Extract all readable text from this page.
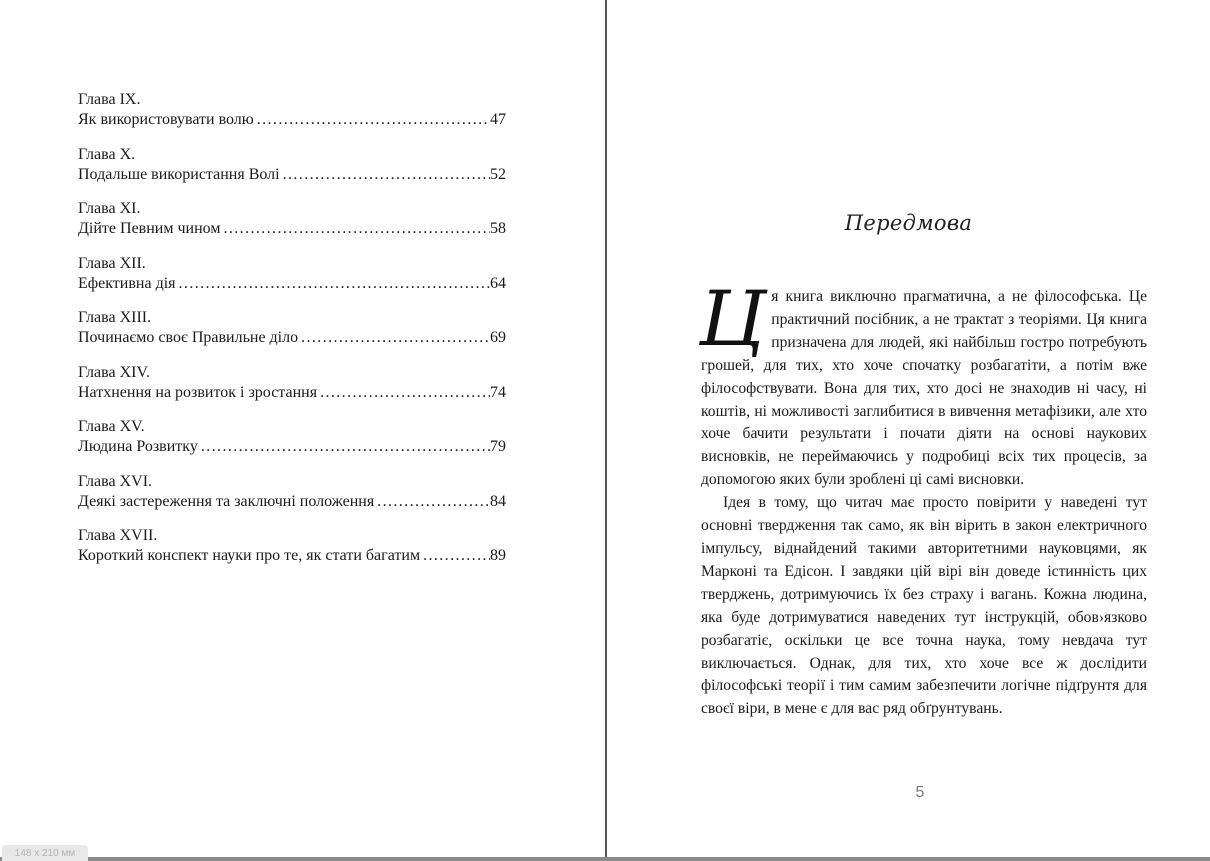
Глава IX.
Як використовувати волю . . .	47
Глава X.
Подальше використання Волі . . .	52
Глава XI.
Дійте Певним чином . . .	58
Глава XII.
Ефективна дія . . .	64
Глава XIII.
Починаємо своє Правильне діло . . .	69
Глава XIV.
Натхнення на розвиток і зростання . . .	74
Глава XV.
Людина Розвитку . . .	79
Глава XVI.
Деякі застереження та заключні положення . . .	84
Глава XVII.
Короткий конспект науки про те, як стати багатим . . .	89
Передмова

Ця книга виключно прагматична, а не філософська. Це практичний посібник, а не трактат з теоріями. Ця книга призначена для людей, які найбільш гостро потребують грошей, для тих, хто хоче спочатку розбагатіти, а потім вже філософствувати. Вона для тих, хто досі не знаходив ні часу, ні коштів, ні можливості заглибитися в вивчення метафізики, але хто хоче бачити результати і почати діяти на основі наукових висновків, не переймаючись у подробиці всіх тих процесів, за допомогою яких були зроблені ці самі висновки.

Ідея в тому, що читач має просто повірити у наведені тут основні твердження так само, як він вірить в закон електричного імпульсу, віднайдений такими авторитетними науковцями, як Марконі та Едісон. І завдяки цій вірі він доведе істинність цих тверджень, дотримуючись їх без страху і вагань. Кожна людина, яка буде дотримуватися наведених тут інструкцій, обов›язково розбагатіє, оскільки це все точна наука, тому невдача тут виключається. Однак, для тих, хто хоче все ж дослідити філософські теорії і тим самим забезпечити логічне підґрунтя для своєї віри, в мене є для вас ряд обґрунтувань.

5
148 x 210 мм
